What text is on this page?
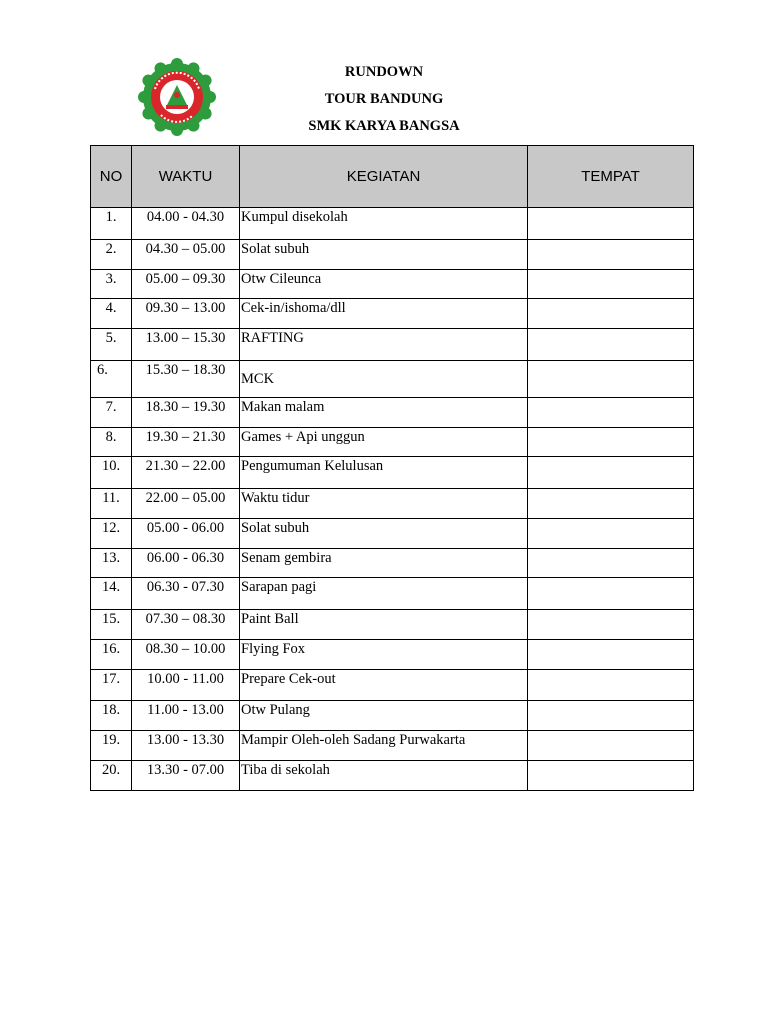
RUNDOWN
TOUR BANDUNG
SMK KARYA BANGSA
NO	WAKTU	KEGIATAN	TEMPAT
1.	04.00 - 04.30	Kumpul disekolah	
2.	04.30 – 05.00	Solat subuh	
3.	05.00 – 09.30	Otw Cileunca	
4.	09.30 – 13.00	Cek-in/ishoma/dll	
5.	13.00 – 15.30	RAFTING	
6.	15.30 – 18.30	MCK	
7.	18.30 – 19.30	Makan malam	
8.	19.30 – 21.30	Games + Api unggun	
10.	21.30 – 22.00	Pengumuman Kelulusan	
11.	22.00 – 05.00	Waktu tidur	
12.	05.00 - 06.00	Solat subuh	
13.	06.00 - 06.30	Senam gembira	
14.	06.30 - 07.30	Sarapan pagi	
15.	07.30 – 08.30	Paint Ball	
16.	08.30 – 10.00	Flying Fox	
17.	10.00 - 11.00	Prepare Cek-out	
18.	11.00 - 13.00	Otw Pulang	
19.	13.00 - 13.30	Mampir Oleh-oleh Sadang Purwakarta	
20.	13.30 - 07.00	Tiba di sekolah	
